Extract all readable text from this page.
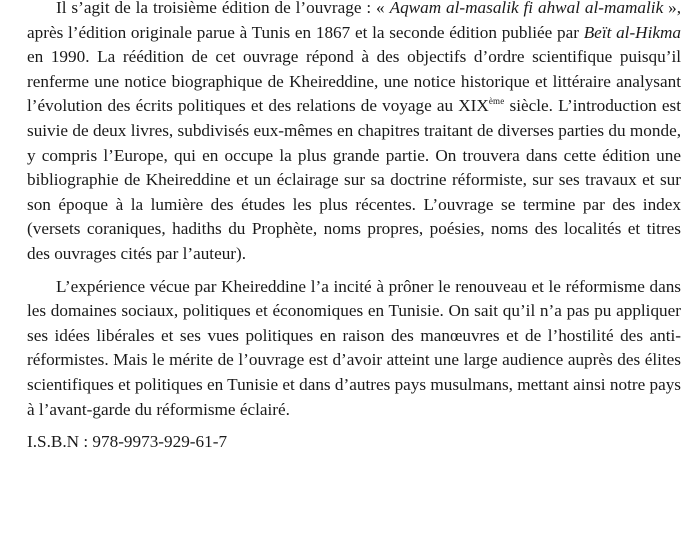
Il s’agit de la troisième édition de l’ouvrage : « Aqwam al-masalik fi ahwal al-mamalik », après l’édition originale parue à Tunis en 1867 et la seconde édition publiée par Beït al-Hikma en 1990. La réédition de cet ouvrage répond à des objectifs d’ordre scientifique puisqu’il renferme une notice biographique de Kheireddine, une notice historique et littéraire analysant l’évolution des écrits politiques et des relations de voyage au XIXème siècle. L’introduction est suivie de deux livres, subdivisés eux-mêmes en chapitres traitant de diverses parties du monde, y compris l’Europe, qui en occupe la plus grande partie. On trouvera dans cette édition une bibliographie de Kheireddine et un éclairage sur sa doctrine réformiste, sur ses travaux et sur son époque à la lumière des études les plus récentes. L’ouvrage se termine par des index (versets coraniques, hadiths du Prophète, noms propres, poésies, noms des localités et titres des ouvrages cités par l’auteur).

L’expérience vécue par Kheireddine l’a incité à prôner le renouveau et le réformisme dans les domaines sociaux, politiques et économiques en Tunisie. On sait qu’il n’a pas pu appliquer ses idées libérales et ses vues politiques en raison des manœuvres et de l’hostilité des anti-réformistes. Mais le mérite de l’ouvrage est d’avoir atteint une large audience auprès des élites scientifiques et politiques en Tunisie et dans d’autres pays musulmans, mettant ainsi notre pays à l’avant-garde du réformisme éclairé.

I.S.B.N : 978-9973-929-61-7
